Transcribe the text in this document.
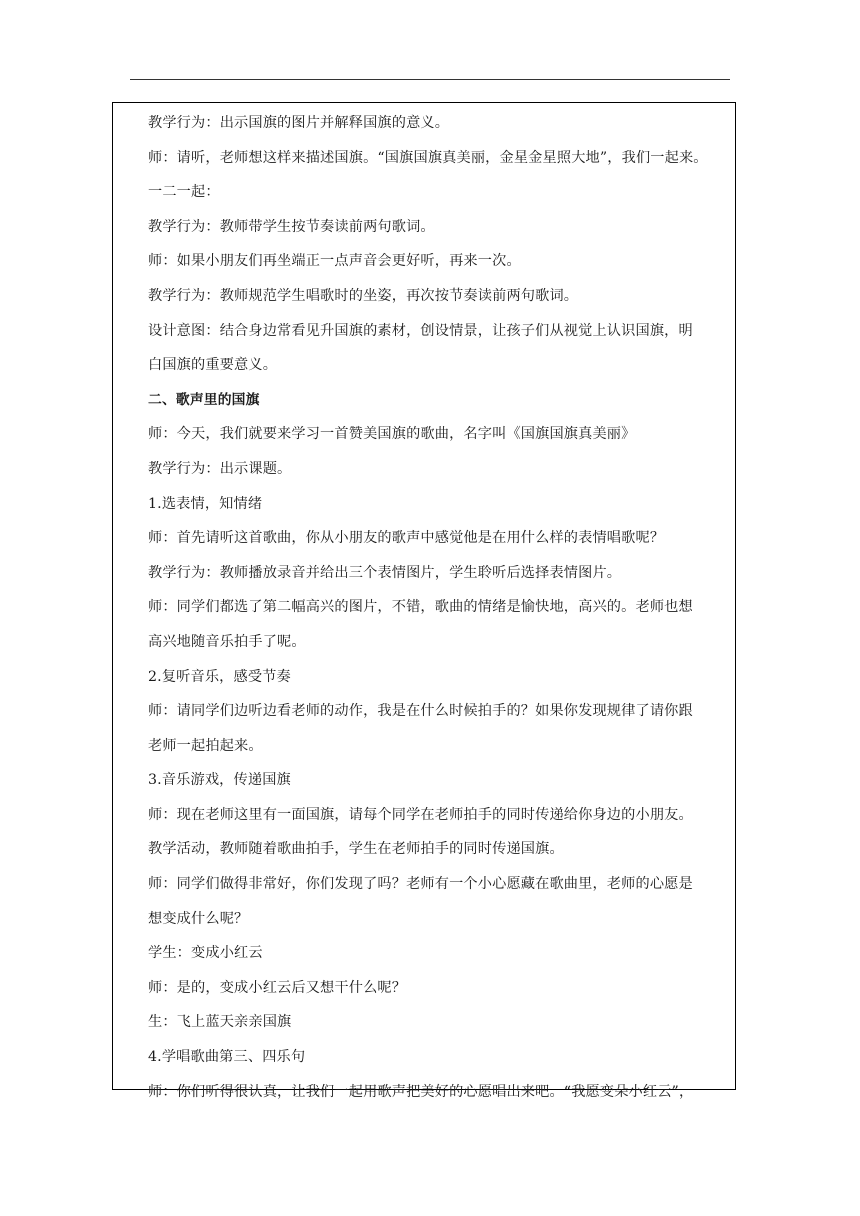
教学行为：出示国旗的图片并解释国旗的意义。
师：请听，老师想这样来描述国旗。“国旗国旗真美丽，金星金星照大地”，我们一起来。
一二一起：
教学行为：教师带学生按节奏读前两句歌词。
师：如果小朋友们再坐端正一点声音会更好听，再来一次。
教学行为：教师规范学生唱歌时的坐姿，再次按节奏读前两句歌词。
设计意图：结合身边常看见升国旗的素材，创设情景，让孩子们从视觉上认识国旗，明
白国旗的重要意义。
二、歌声里的国旗
师：今天，我们就要来学习一首赞美国旗的歌曲，名字叫《国旗国旗真美丽》
教学行为：出示课题。
1.选表情，知情绪
师：首先请听这首歌曲，你从小朋友的歌声中感觉他是在用什么样的表情唱歌呢？
教学行为：教师播放录音并给出三个表情图片，学生聆听后选择表情图片。
师：同学们都选了第二幅高兴的图片，不错，歌曲的情绪是愉快地，高兴的。老师也想
高兴地随音乐拍手了呢。
2.复听音乐，感受节奏
师：请同学们边听边看老师的动作，我是在什么时候拍手的？如果你发现规律了请你跟
老师一起拍起来。
3.音乐游戏，传递国旗
师：现在老师这里有一面国旗，请每个同学在老师拍手的同时传递给你身边的小朋友。
教学活动，教师随着歌曲拍手，学生在老师拍手的同时传递国旗。
师：同学们做得非常好，你们发现了吗？老师有一个小心愿藏在歌曲里，老师的心愿是
想变成什么呢？
学生：变成小红云
师：是的，变成小红云后又想干什么呢？
生：飞上蓝天亲亲国旗
4.学唱歌曲第三、四乐句
师：你们听得很认真，让我们一起用歌声把美好的心愿唱出来吧。“我愿变朵小红云”，
